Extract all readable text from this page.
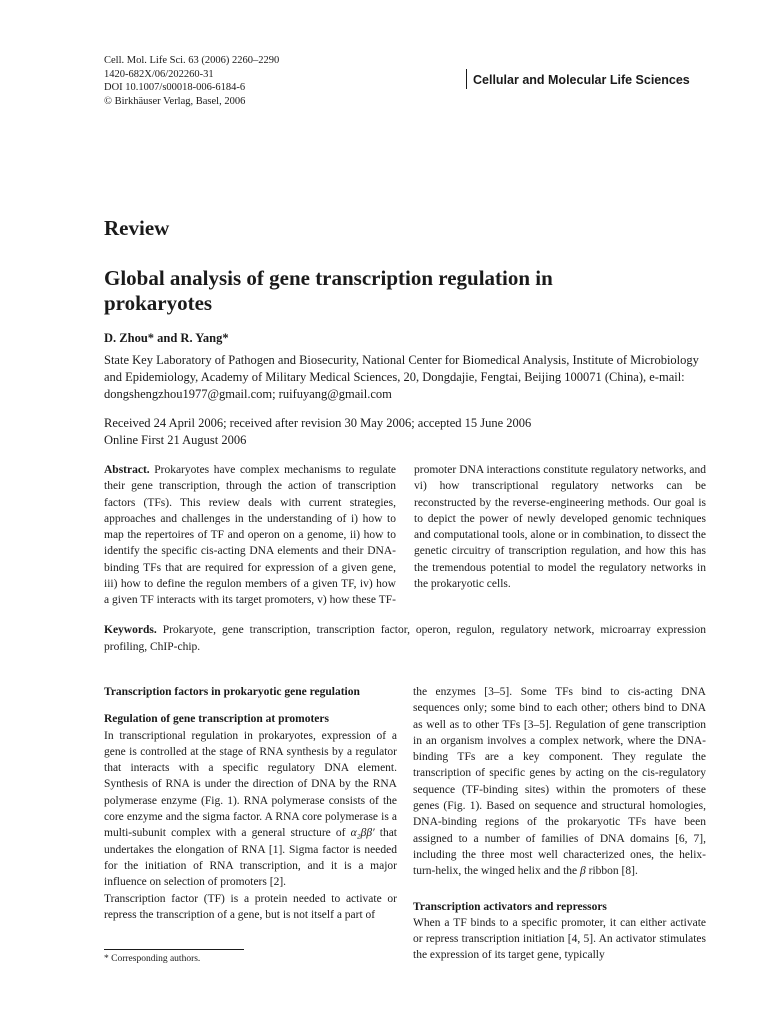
Cell. Mol. Life Sci. 63 (2006) 2260–2290
1420-682X/06/202260-31
DOI 10.1007/s00018-006-6184-6
© Birkhäuser Verlag, Basel, 2006
Cellular and Molecular Life Sciences
Review
Global analysis of gene transcription regulation in prokaryotes
D. Zhou* and R. Yang*
State Key Laboratory of Pathogen and Biosecurity, National Center for Biomedical Analysis, Institute of Microbiology and Epidemiology, Academy of Military Medical Sciences, 20, Dongdajie, Fengtai, Beijing 100071 (China), e-mail: dongshengzhou1977@gmail.com; ruifuyang@gmail.com
Received 24 April 2006; received after revision 30 May 2006; accepted 15 June 2006
Online First 21 August 2006
Abstract. Prokaryotes have complex mechanisms to regulate their gene transcription, through the action of transcription factors (TFs). This review deals with current strategies, approaches and challenges in the understanding of i) how to map the repertoires of TF and operon on a genome, ii) how to identify the specific cis-acting DNA elements and their DNA-binding TFs that are required for expression of a given gene, iii) how to define the regulon members of a given TF, iv) how a given TF interacts with its target promoters, v) how these TF-promoter DNA interactions constitute regulatory networks, and vi) how transcriptional regulatory networks can be reconstructed by the reverse-engineering methods. Our goal is to depict the power of newly developed genomic techniques and computational tools, alone or in combination, to dissect the genetic circuitry of transcription regulation, and how this has the tremendous potential to model the regulatory networks in the prokaryotic cells.
Keywords. Prokaryote, gene transcription, transcription factor, operon, regulon, regulatory network, microarray expression profiling, ChIP-chip.

Transcription factors in prokaryotic gene regulation

Regulation of gene transcription at promoters

In transcriptional regulation in prokaryotes, expression of a gene is controlled at the stage of RNA synthesis by a regulator that interacts with a specific regulatory DNA element. Synthesis of RNA is under the direction of DNA by the RNA polymerase enzyme (Fig. 1). RNA polymerase consists of the core enzyme and the sigma factor. A RNA core polymerase is a multi-subunit complex with a general structure of α₂ββ′ that undertakes the elongation of RNA [1]. Sigma factor is needed for the initiation of RNA transcription, and it is a major influence on selection of promoters [2].

Transcription factor (TF) is a protein needed to activate or repress the transcription of a gene, but is not itself a part of

the enzymes [3–5]. Some TFs bind to cis-acting DNA sequences only; some bind to each other; others bind to DNA as well as to other TFs [3–5]. Regulation of gene transcription in an organism involves a complex network, where the DNA-binding TFs are a key component. They regulate the transcription of specific genes by acting on the cis-regulatory sequence (TF-binding sites) within the promoters of these genes (Fig. 1). Based on sequence and structural homologies, DNA-binding regions of the prokaryotic TFs have been assigned to a number of families of DNA domains [6, 7], including the three most well characterized ones, the helix-turn-helix, the winged helix and the β ribbon [8].

Transcription activators and repressors

When a TF binds to a specific promoter, it can either activate or repress transcription initiation [4, 5]. An activator stimulates the expression of its target gene, typically

* Corresponding authors.
